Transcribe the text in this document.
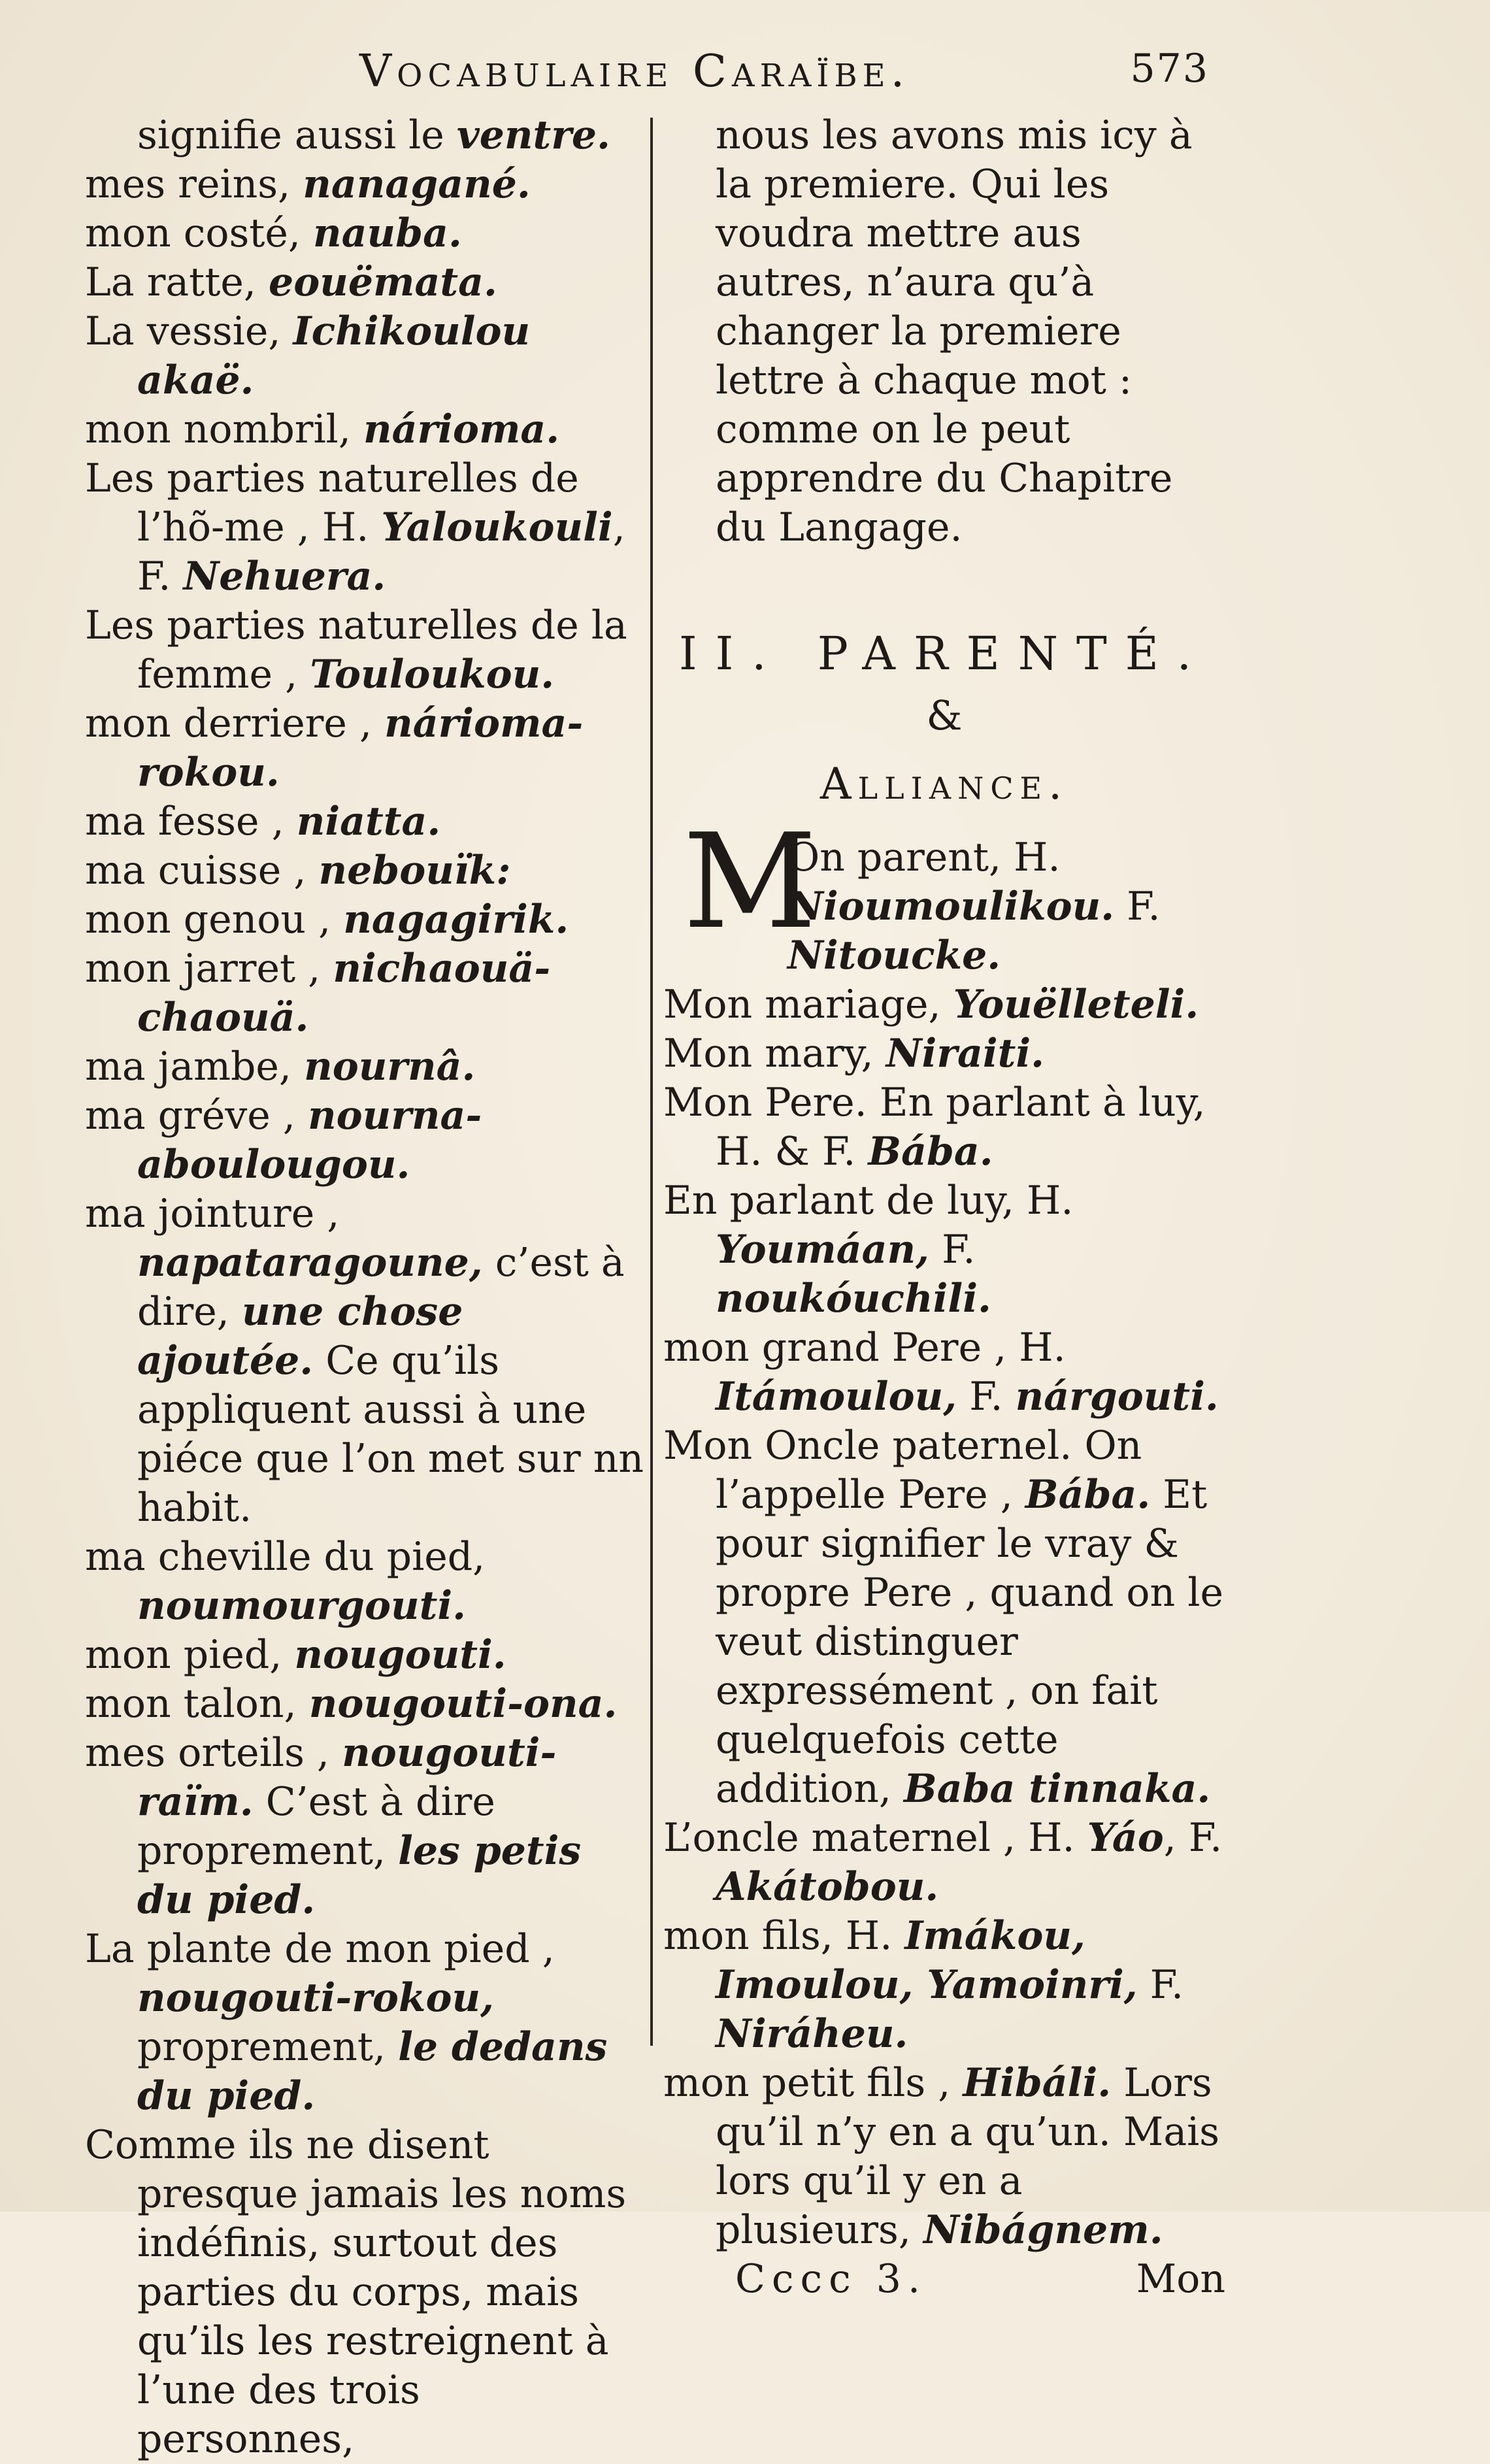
Vocabulaire Caraïbe.	573

signifie aussi le ventre.

mes reins, nanagané.

mon costé, nauba.

La ratte, eouëmata.

La vessie, Ichikoulou akaë.

mon nombril, nárioma.

Les parties naturelles de l’hõ-me , H. Yaloukouli, F. Nehuera.

Les parties naturelles de la femme , Touloukou.

mon derriere , nárioma-rokou.

ma fesse , niatta.

ma cuisse , nebouïk:

mon genou , nagagirik.

mon jarret , nichaouä-chaouä.

ma jambe, nournâ.

ma gréve , nourna-aboulougou.

ma jointure , napataragoune, c’est à dire, une chose ajoutée. Ce qu’ils appliquent aussi à une piéce que l’on met sur nn habit.

ma cheville du pied, noumourgouti.

mon pied, nougouti.

mon talon, nougouti-ona.

mes orteils , nougouti-raïm. C’est à dire proprement, les petis du pied.

La plante de mon pied , nougouti-rokou, proprement, le dedans du pied.

Comme ils ne disent presque jamais les noms indéfinis, surtout des parties du corps, mais qu’ils les restreignent à l’une des trois personnes,

nous les avons mis icy à la premiere. Qui les voudra mettre aus autres, n’aura qu’à changer la premiere lettre à chaque mot : comme on le peut apprendre du Chapitre du Langage.

II. PARENTÉ.
&
Alliance.
M

On parent, H. Nioumoulikou. F. Nitoucke.

Mon mariage, Youëlleteli.

Mon mary, Niraiti.

Mon Pere. En parlant à luy, H. & F. Bába.

En parlant de luy, H. Youmáan, F. noukóuchili.

mon grand Pere , H. Itámoulou, F. nárgouti.

Mon Oncle paternel. On l’appelle Pere , Bába. Et pour signifier le vray & propre Pere , quand on le veut distinguer expressément , on fait quelquefois cette addition, Baba tinnaka.

L’oncle maternel , H. Yáo, F. Akátobou.

mon fils, H. Imákou, Imoulou, Yamoinri, F. Niráheu.

mon petit fils , Hibáli. Lors qu’il n’y en a qu’un. Mais lors qu’il y en a plusieurs, Nibágnem.

Cccc 3.	Mon
